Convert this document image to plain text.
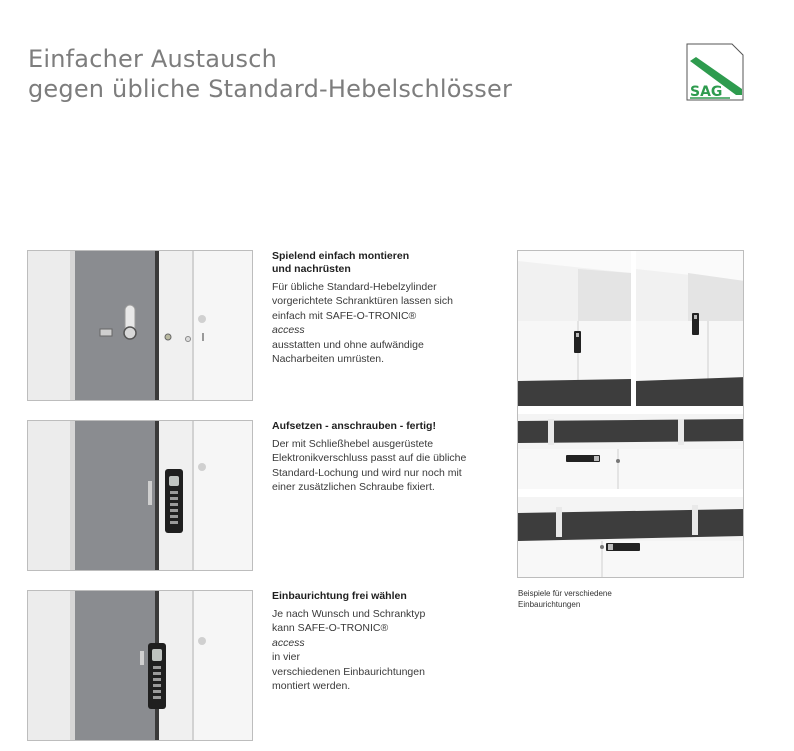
Einfacher Austausch
gegen übliche Standard-Hebelschlösser	SAG
Spielend einfach montieren
und nachrüsten

Für übliche Standard-Hebelzylinder
vorgerichtete Schranktüren lassen sich
einfach mit SAFE-O-TRONIC®
access
ausstatten und ohne aufwändige
Nacharbeiten umrüsten.

Aufsetzen - anschrauben - fertig!

Der mit Schließhebel ausgerüstete
Elektronikverschluss passt auf die übliche
Standard-Lochung und wird nur noch mit
einer zusätzlichen Schraube fixiert.

Einbaurichtung frei wählen

Je nach Wunsch und Schranktyp
kann SAFE-O-TRONIC®
access
in vier
verschiedenen Einbaurichtungen
montiert werden.

Beispiele für verschiedene
Einbaurichtungen
